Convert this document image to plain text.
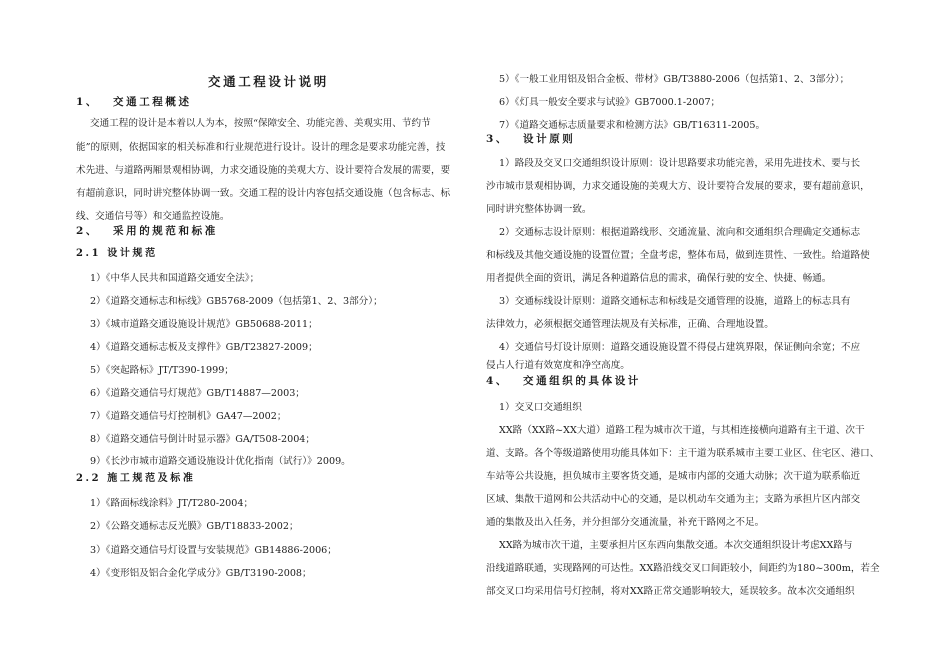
交通工程设计说明
1、 交通工程概述

交通工程的设计是本着以人为本，按照“保障安全、功能完善、美观实用、节约节

能”的原则，依据国家的相关标准和行业规范进行设计。设计的理念是要求功能完善，技

术先进、与道路两厢景观相协调，力求交通设施的美观大方、设计要符合发展的需要，要

有超前意识，同时讲究整体协调一致。交通工程的设计内容包括交通设施（包含标志、标

线、交通信号等）和交通监控设施。

2、 采用的规范和标准
2.1 设计规范

1）《中华人民共和国道路交通安全法》；

2）《道路交通标志和标线》GB5768-2009（包括第1、2、3部分）；

3）《城市道路交通设施设计规范》GB50688-2011；

4）《道路交通标志板及支撑件》GB/T23827-2009；

5）《突起路标》JT/T390-1999；

6）《道路交通信号灯规范》GB/T14887—2003；

7）《道路交通信号灯控制机》GA47—2002；

8）《道路交通信号倒计时显示器》GA/T508-2004；

9）《长沙市城市道路交通设施设计优化指南（试行）》2009。

2.2 施工规范及标准

1）《路面标线涂料》JT/T280-2004；

2）《公路交通标志反光膜》GB/T18833-2002；

3）《道路交通信号灯设置与安装规范》GB14886-2006；

4）《变形铝及铝合金化学成分》GB/T3190-2008；

5）《一般工业用铝及铝合金板、带材》GB/T3880-2006（包括第1、2、3部分）；

6）《灯具一般安全要求与试验》GB7000.1-2007；

7）《道路交通标志质量要求和检测方法》GB/T16311-2005。

3、 设计原则

1）路段及交叉口交通组织设计原则：设计思路要求功能完善，采用先进技术、要与长

沙市城市景观相协调，力求交通设施的美观大方、设计要符合发展的要求，要有超前意识，

同时讲究整体协调一致。

2）交通标志设计原则：根据道路线形、交通流量、流向和交通组织合理确定交通标志

和标线及其他交通设施的设置位置；全盘考虑，整体布局，做到连贯性、一致性。给道路使

用者提供全面的资讯，满足各种道路信息的需求，确保行驶的安全、快捷、畅通。

3）交通标线设计原则：道路交通标志和标线是交通管理的设施，道路上的标志具有

法律效力，必须根据交通管理法规及有关标准，正确、合理地设置。

4）交通信号灯设计原则：道路交通设施设置不得侵占建筑界限，保证侧向余宽；不应

侵占人行道有效宽度和净空高度。

4、 交通组织的具体设计

1）交叉口交通组织

XX路（XX路~XX大道）道路工程为城市次干道，与其相连接横向道路有主干道、次干

道、支路。各个等级道路使用功能具体如下：主干道为联系城市主要工业区、住宅区、港口、

车站等公共设施，担负城市主要客货交通，是城市内部的交通大动脉；次干道为联系临近

区域、集散干道网和公共活动中心的交通，是以机动车交通为主；支路为承担片区内部交

通的集散及出入任务，并分担部分交通流量，补充干路网之不足。

XX路为城市次干道，主要承担片区东西向集散交通。本次交通组织设计考虑XX路与

沿线道路联通，实现路网的可达性。XX路沿线交叉口间距较小，间距约为180~300m，若全

部交叉口均采用信号灯控制，将对XX路正常交通影响较大，延误较多。故本次交通组织
